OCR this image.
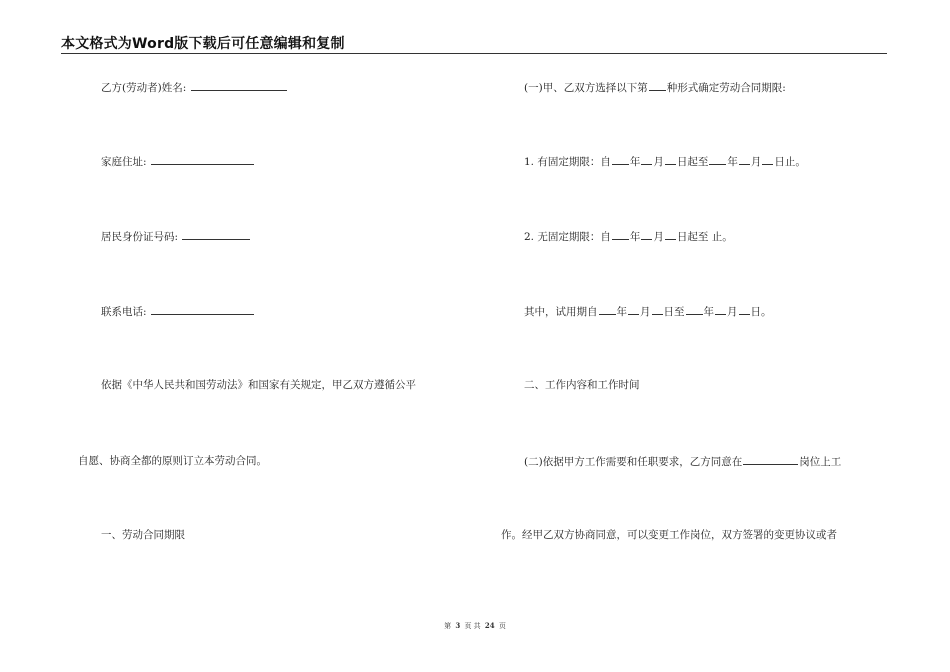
本文格式为Word版下载后可任意编辑和复制
乙方(劳动者)姓名:
家庭住址:
居民身份证号码:
联系电话:
依据《中华人民共和国劳动法》和国家有关规定，甲乙双方遵循公平
自愿、协商全都的原则订立本劳动合同。
一、劳动合同期限
(一)甲、乙双方选择以下第 种形式确定劳动合同期限:
1. 有固定期限：自 年 月 日起至 年 月 日止。
2. 无固定期限：自 年 月 日起至 止。
其中，试用期自 年 月 日至 年 月 日。
二、工作内容和工作时间
(二)依据甲方工作需要和任职要求，乙方同意在	岗位上工
作。经甲乙双方协商同意，可以变更工作岗位，双方签署的变更协议或者
第 3 页 共 24 页
